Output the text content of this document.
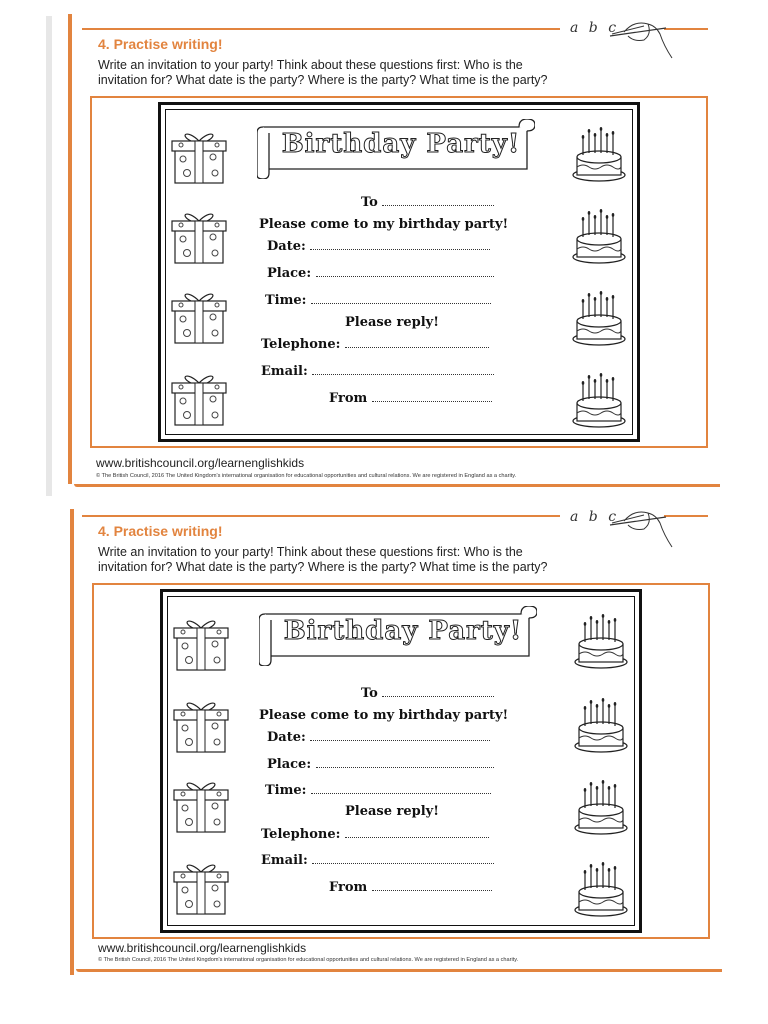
a b c
4. Practise writing!
Write an invitation to your party! Think about these questions first: Who is the invitation for? What date is the party? Where is the party? What time is the party?
Birthday Party!
To
Please come to my birthday party!
Date:
Place:
Time:
Please reply!
Telephone:
Email:
From
www.britishcouncil.org/learnenglishkids
© The British Council, 2016 The United Kingdom's international organisation for educational opportunities and cultural relations. We are registered in England as a charity.
a b c
4. Practise writing!
Write an invitation to your party! Think about these questions first: Who is the invitation for? What date is the party? Where is the party? What time is the party?
Birthday Party!
To
Please come to my birthday party!
Date:
Place:
Time:
Please reply!
Telephone:
Email:
From
www.britishcouncil.org/learnenglishkids
© The British Council, 2016 The United Kingdom's international organisation for educational opportunities and cultural relations. We are registered in England as a charity.
